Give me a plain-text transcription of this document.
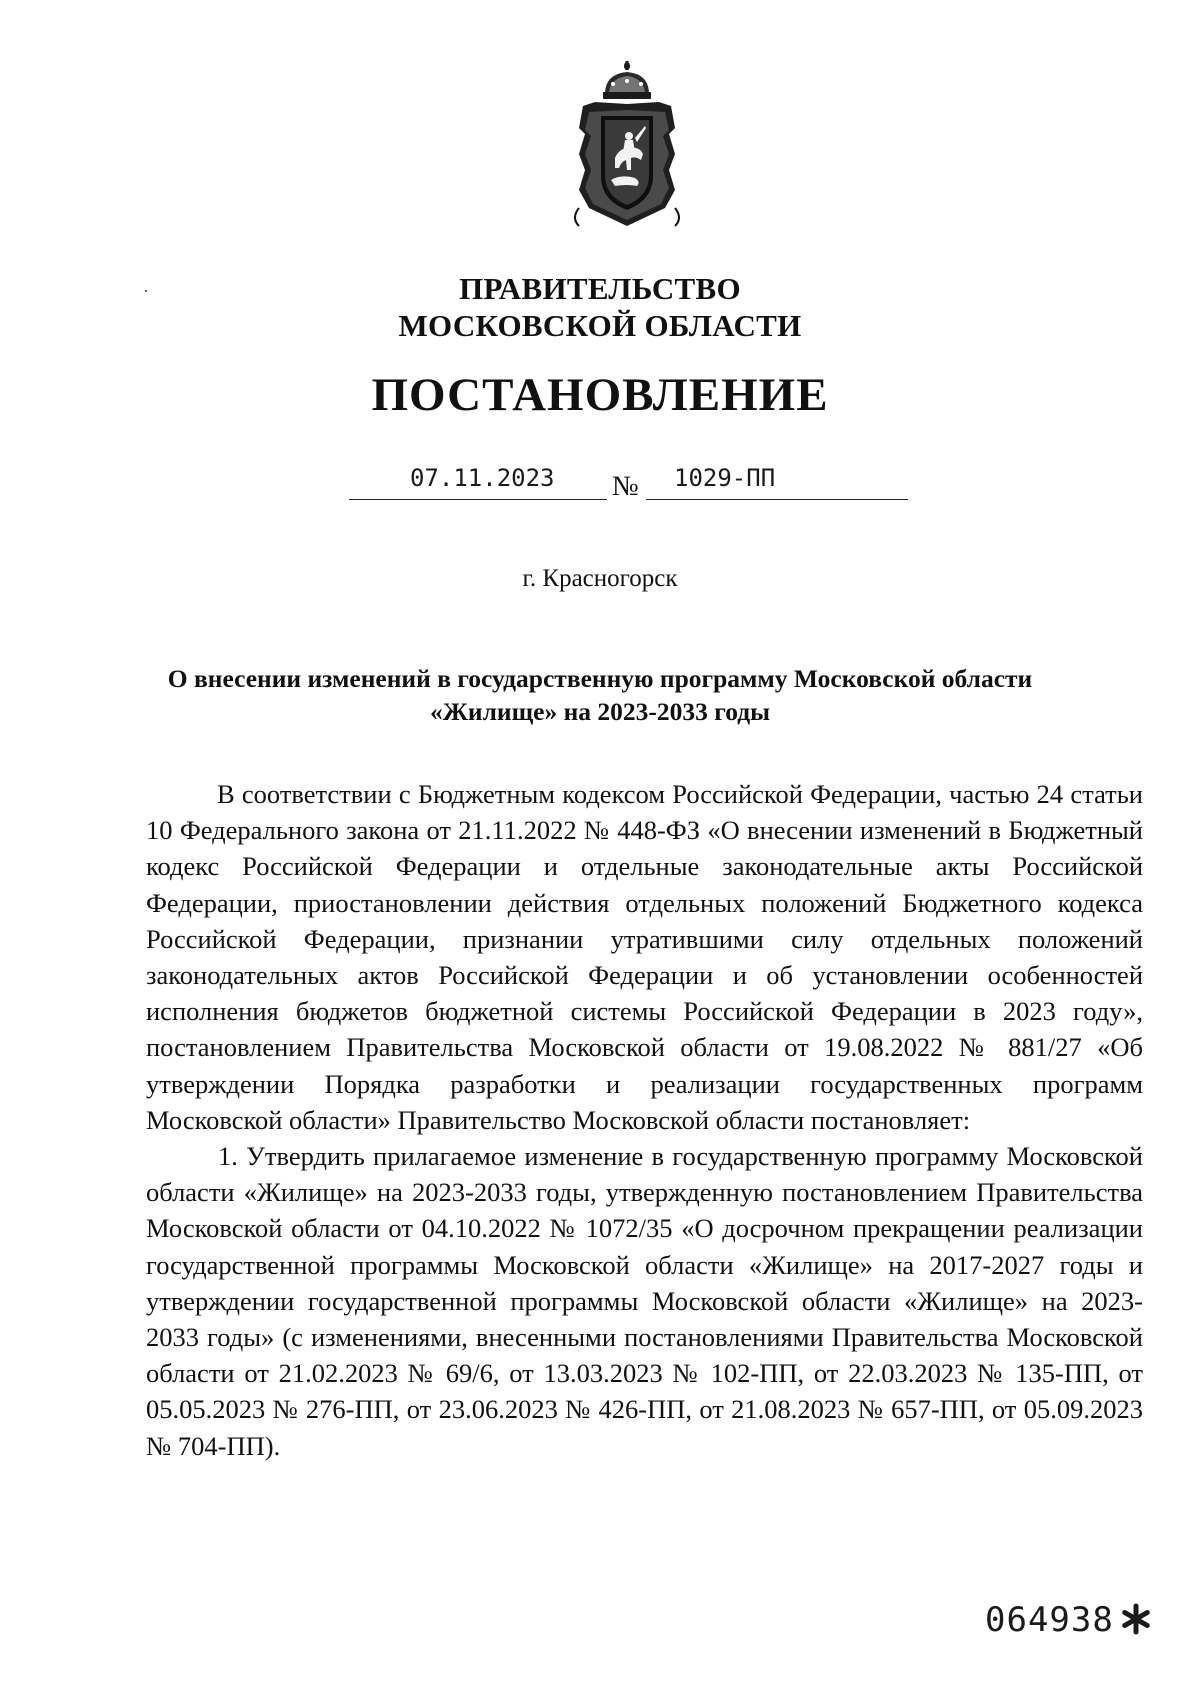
ПРАВИТЕЛЬСТВО
МОСКОВСКОЙ ОБЛАСТИ
ПОСТАНОВЛЕНИЕ
07.11.2023 № 1029-ПП
г. Красногорск
О внесении изменений в государственную программу Московской области
«Жилище» на 2023-2033 годы

В соответствии с Бюджетным кодексом Российской Федерации, частью 24 статьи 10 Федерального закона от 21.11.2022 № 448-ФЗ «О внесении изменений в Бюджетный кодекс Российской Федерации и отдельные законодательные акты Российской Федерации, приостановлении действия отдельных положений Бюджетного кодекса Российской Федерации, признании утратившими силу отдельных положений законодательных актов Российской Федерации и об установлении особенностей исполнения бюджетов бюджетной системы Российской Федерации в 2023 году», постановлением Правительства Московской области от 19.08.2022 № 881/27 «Об утверждении Порядка разработки и реализации государственных программ Московской области» Правительство Московской области постановляет:

1. Утвердить прилагаемое изменение в государственную программу Московской области «Жилище» на 2023-2033 годы, утвержденную постановлением Правительства Московской области от 04.10.2022 № 1072/35 «О досрочном прекращении реализации государственной программы Московской области «Жилище» на 2017-2027 годы и утверждении государственной программы Московской области «Жилище» на 2023-2033 годы» (с изменениями, внесенными постановлениями Правительства Московской области от 21.02.2023 № 69/6, от 13.03.2023 № 102-ПП, от 22.03.2023 № 135-ПП, от 05.05.2023 № 276-ПП, от 23.06.2023 № 426-ПП, от 21.08.2023 № 657-ПП, от 05.09.2023 № 704-ПП).

064938
